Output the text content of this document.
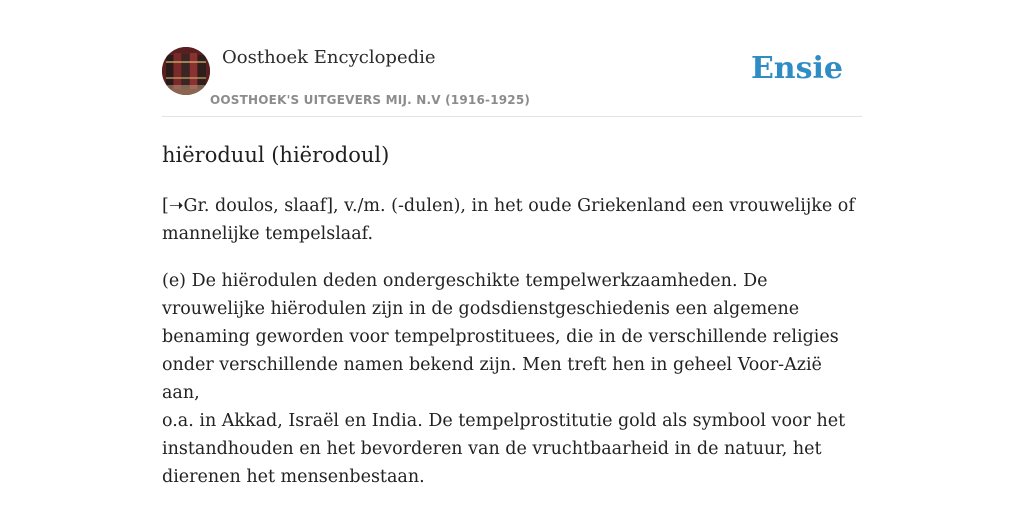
Oosthoek Encyclopedie
OOSTHOEK'S UITGEVERS MIJ. N.V (1916-1925)
Ensie
hiëroduul (hiërodoul)

[➝Gr. doulos, slaaf], v./m. (-dulen), in het oude Griekenland een vrouwelijke of mannelijke tempelslaaf.

(e) De hiërodulen deden ondergeschikte tempelwerkzaamheden. De vrouwelijke hiërodulen zijn in de godsdienstgeschiedenis een algemene benaming geworden voor tempelprostituees, die in de verschillende religies onder verschillende namen bekend zijn. Men treft hen in geheel Voor-Azië aan,

o.a. in Akkad, Israël en India. De tempelprostitutie gold als symbool voor het instandhouden en het bevorderen van de vruchtbaarheid in de natuur, het dierenen het mensenbestaan.
